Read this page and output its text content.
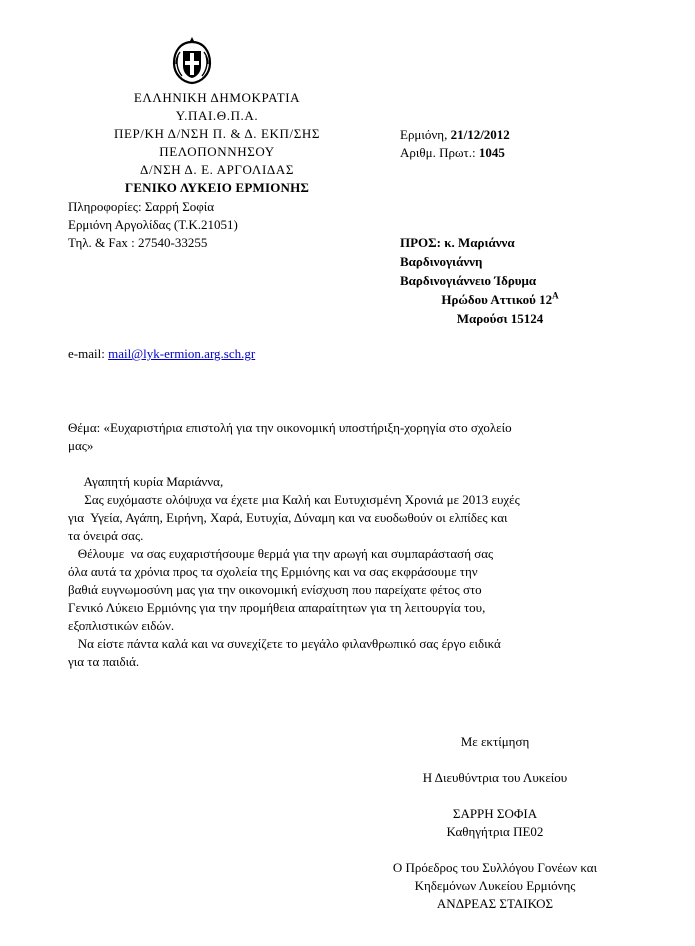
ΕΛΛΗΝΙΚΗ ΔΗΜΟΚΡΑΤΙΑ
Υ.ΠΑΙ.Θ.Π.Α.
ΠΕΡ/ΚΗ Δ/ΝΣΗ Π. & Δ. ΕΚΠ/ΣΗΣ
ΠΕΛΟΠΟΝΝΗΣΟΥ
Δ/ΝΣΗ Δ. Ε. ΑΡΓΟΛΙΔΑΣ
ΓΕΝΙΚΟ ΛΥΚΕΙΟ ΕΡΜΙΟΝΗΣ
Πληροφορίες: Σαρρή Σοφία
Ερμιόνη Αργολίδας (Τ.Κ.21051)
Τηλ. & Fax : 27540-33255
Ερμιόνη, 21/12/2012
Αριθμ. Πρωτ.: 1045
ΠΡΟΣ: κ. Μαριάννα
Βαρδινογιάννη
Βαρδινογιάννειο Ίδρυμα
Ηρώδου Αττικού $12^A$
Μαρούσι 15124
e-mail: mail@lyk-ermion.arg.sch.gr
Θέμα: «Ευχαριστήρια επιστολή για την οικονομική υποστήριξη-χορηγία στο σχολείο
μας»
Αγαπητή κυρία Μαριάννα,
Σας ευχόμαστε ολόψυχα να έχετε μια Καλή και Ευτυχισμένη Χρονιά με 2013 ευχές
για  Υγεία, Αγάπη, Ειρήνη, Χαρά, Ευτυχία, Δύναμη και να ευοδωθούν οι ελπίδες και
τα όνειρά σας.
Θέλουμε  να σας ευχαριστήσουμε θερμά για την αρωγή και συμπαράστασή σας
όλα αυτά τα χρόνια προς τα σχολεία της Ερμιόνης και να σας εκφράσουμε την
βαθιά ευγνωμοσύνη μας για την οικονομική ενίσχυση που παρείχατε φέτος στο
Γενικό Λύκειο Ερμιόνης για την προμήθεια απαραίτητων για τη λειτουργία του,
εξοπλιστικών ειδών.
Να είστε πάντα καλά και να συνεχίζετε το μεγάλο φιλανθρωπικό σας έργο ειδικά
για τα παιδιά.
Με εκτίμηση
Η Διευθύντρια του Λυκείου
ΣΑΡΡΗ ΣΟΦΙΑ
Καθηγήτρια ΠΕ02
Ο Πρόεδρος του Συλλόγου Γονέων και
Κηδεμόνων Λυκείου Ερμιόνης
ΑΝΔΡΕΑΣ ΣΤΑΙΚΟΣ
